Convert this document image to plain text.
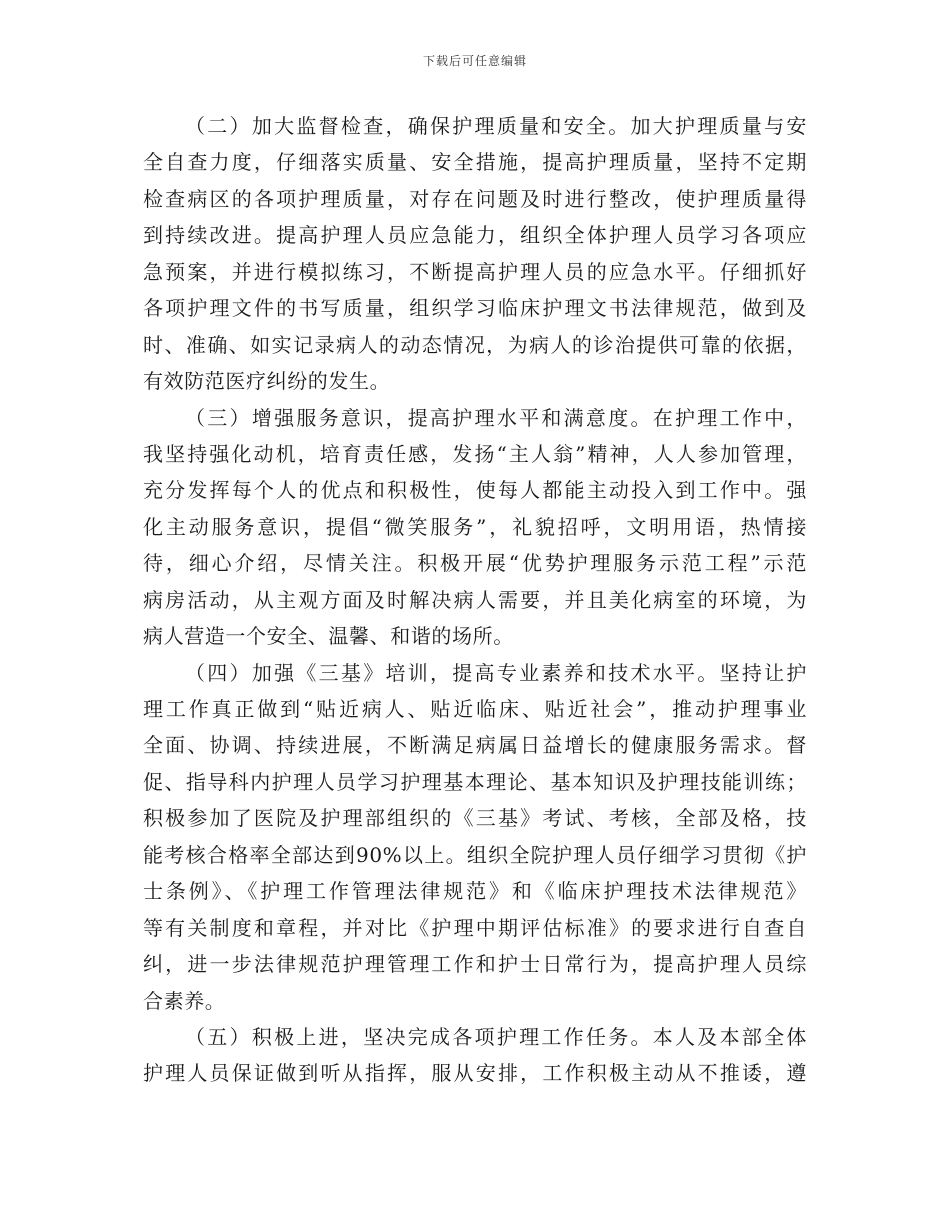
下载后可任意编辑
（二）加大监督检查，确保护理质量和安全。加大护理质量与安
全自查力度，仔细落实质量、安全措施，提高护理质量，坚持不定期
检查病区的各项护理质量，对存在问题及时进行整改，使护理质量得
到持续改进。提高护理人员应急能力，组织全体护理人员学习各项应
急预案，并进行模拟练习，不断提高护理人员的应急水平。仔细抓好
各项护理文件的书写质量，组织学习临床护理文书法律规范，做到及
时、准确、如实记录病人的动态情况，为病人的诊治提供可靠的依据，
有效防范医疗纠纷的发生。
（三）增强服务意识，提高护理水平和满意度。在护理工作中，
我坚持强化动机，培育责任感，发扬“主人翁”精神，人人参加管理，
充分发挥每个人的优点和积极性，使每人都能主动投入到工作中。强
化主动服务意识，提倡“微笑服务”，礼貌招呼，文明用语，热情接
待，细心介绍，尽情关注。积极开展“优势护理服务示范工程”示范
病房活动，从主观方面及时解决病人需要，并且美化病室的环境，为
病人营造一个安全、温馨、和谐的场所。
（四）加强《三基》培训，提高专业素养和技术水平。坚持让护
理工作真正做到“贴近病人、贴近临床、贴近社会”，推动护理事业
全面、协调、持续进展，不断满足病属日益增长的健康服务需求。督
促、指导科内护理人员学习护理基本理论、基本知识及护理技能训练；
积极参加了医院及护理部组织的《三基》考试、考核，全部及格，技
能考核合格率全部达到90%以上。组织全院护理人员仔细学习贯彻《护
士条例》、《护理工作管理法律规范》和《临床护理技术法律规范》
等有关制度和章程，并对比《护理中期评估标准》的要求进行自查自
纠，进一步法律规范护理管理工作和护士日常行为，提高护理人员综
合素养。
（五）积极上进，坚决完成各项护理工作任务。本人及本部全体
护理人员保证做到听从指挥，服从安排，工作积极主动从不推诿，遵
